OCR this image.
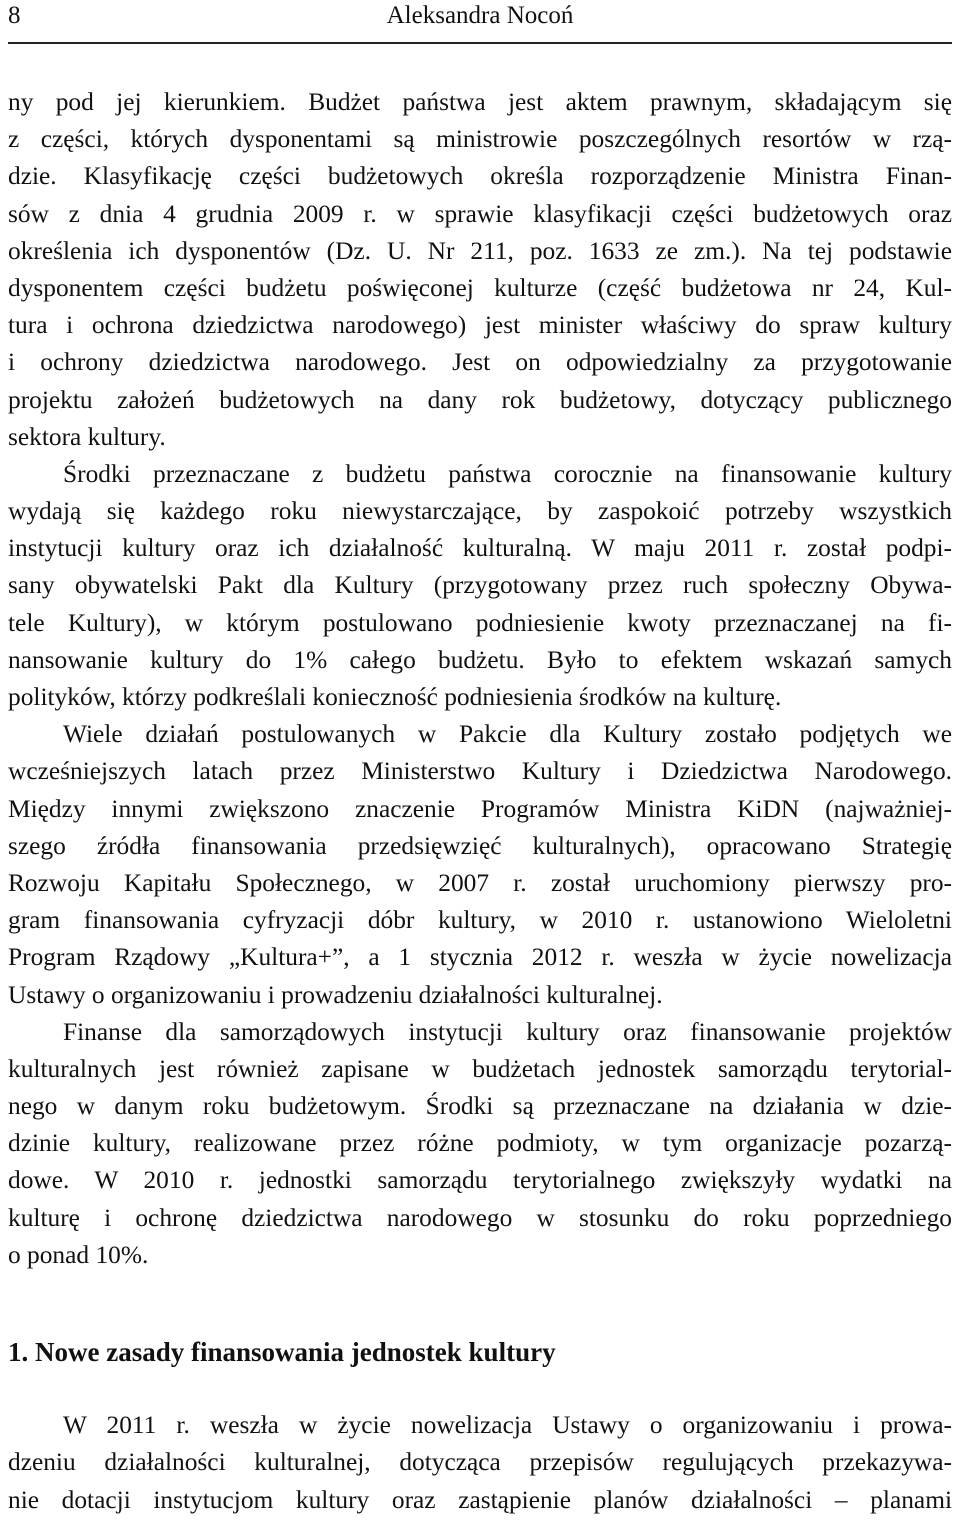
8	Aleksandra Nocoń
ny pod jej kierunkiem. Budżet państwa jest aktem prawnym, składającym się
z części, których dysponentami są ministrowie poszczególnych resortów w rzą-
dzie. Klasyfikację części budżetowych określa rozporządzenie Ministra Finan-
sów z dnia 4 grudnia 2009 r. w sprawie klasyfikacji części budżetowych oraz
określenia ich dysponentów (Dz. U. Nr 211, poz. 1633 ze zm.). Na tej podstawie
dysponentem części budżetu poświęconej kulturze (część budżetowa nr 24, Kul-
tura i ochrona dziedzictwa narodowego) jest minister właściwy do spraw kultury
i ochrony dziedzictwa narodowego. Jest on odpowiedzialny za przygotowanie
projektu założeń budżetowych na dany rok budżetowy, dotyczący publicznego
sektora kultury.
Środki przeznaczane z budżetu państwa corocznie na finansowanie kultury
wydają się każdego roku niewystarczające, by zaspokoić potrzeby wszystkich
instytucji kultury oraz ich działalność kulturalną. W maju 2011 r. został podpi-
sany obywatelski Pakt dla Kultury (przygotowany przez ruch społeczny Obywa-
tele Kultury), w którym postulowano podniesienie kwoty przeznaczanej na fi-
nansowanie kultury do 1% całego budżetu. Było to efektem wskazań samych
polityków, którzy podkreślali konieczność podniesienia środków na kulturę.
Wiele działań postulowanych w Pakcie dla Kultury zostało podjętych we
wcześniejszych latach przez Ministerstwo Kultury i Dziedzictwa Narodowego.
Między innymi zwiększono znaczenie Programów Ministra KiDN (najważniej-
szego źródła finansowania przedsięwzięć kulturalnych), opracowano Strategię
Rozwoju Kapitału Społecznego, w 2007 r. został uruchomiony pierwszy pro-
gram finansowania cyfryzacji dóbr kultury, w 2010 r. ustanowiono Wieloletni
Program Rządowy „Kultura+”, a 1 stycznia 2012 r. weszła w życie nowelizacja
Ustawy o organizowaniu i prowadzeniu działalności kulturalnej.
Finanse dla samorządowych instytucji kultury oraz finansowanie projektów
kulturalnych jest również zapisane w budżetach jednostek samorządu terytorial-
nego w danym roku budżetowym. Środki są przeznaczane na działania w dzie-
dzinie kultury, realizowane przez różne podmioty, w tym organizacje pozarzą-
dowe. W 2010 r. jednostki samorządu terytorialnego zwiększyły wydatki na
kulturę i ochronę dziedzictwa narodowego w stosunku do roku poprzedniego
o ponad 10%.
1. Nowe zasady finansowania jednostek kultury
W 2011 r. weszła w życie nowelizacja Ustawy o organizowaniu i prowa-
dzeniu działalności kulturalnej, dotycząca przepisów regulujących przekazywa-
nie dotacji instytucjom kultury oraz zastąpienie planów działalności – planami
